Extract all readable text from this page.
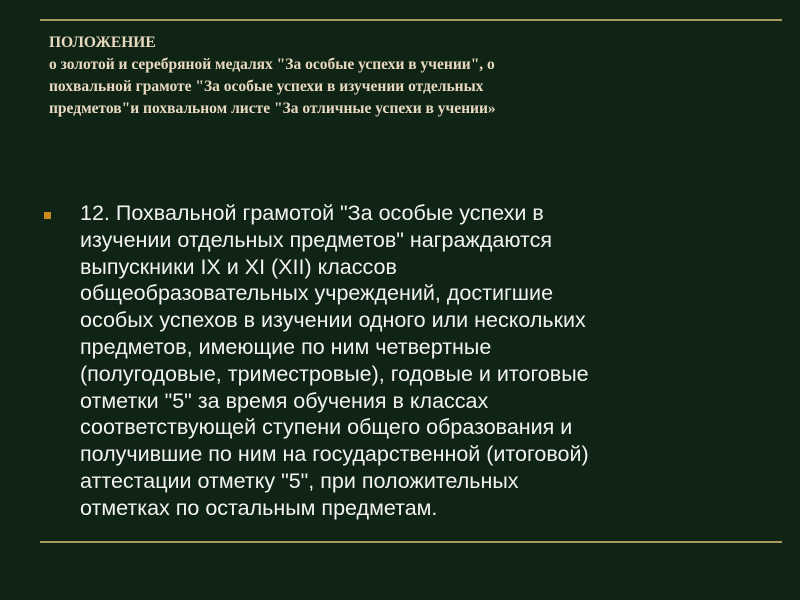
ПОЛОЖЕНИЕ
о золотой и серебряной медалях "За особые успехи в учении", о
похвальной грамоте "За особые успехи в изучении отдельных
предметов"и похвальном листе "За отличные успехи в учении»
12. Похвальной грамотой "За особые успехи в
изучении отдельных предметов" награждаются
выпускники IX и XI (XII) классов
общеобразовательных учреждений, достигшие
особых успехов в изучении одного или нескольких
предметов, имеющие по ним четвертные
(полугодовые, триместровые), годовые и итоговые
отметки "5" за время обучения в классах
соответствующей ступени общего образования и
получившие по ним на государственной (итоговой)
аттестации отметку "5", при положительных
отметках по остальным предметам.
